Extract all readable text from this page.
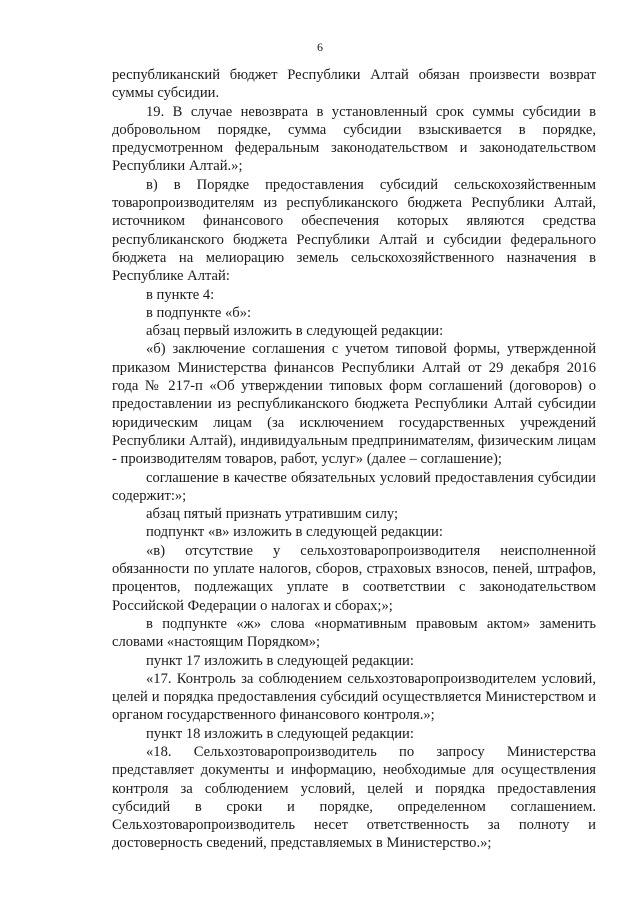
6

республиканский бюджет Республики Алтай обязан произвести возврат суммы субсидии.

19. В случае невозврата в установленный срок суммы субсидии в добровольном порядке, сумма субсидии взыскивается в порядке, предусмотренном федеральным законодательством и законодательством Республики Алтай.»;

в) в Порядке предоставления субсидий сельскохозяйственным товаропроизводителям из республиканского бюджета Республики Алтай, источником финансового обеспечения которых являются средства республиканского бюджета Республики Алтай и субсидии федерального бюджета на мелиорацию земель сельскохозяйственного назначения в Республике Алтай:

в пункте 4:

в подпункте «б»:

абзац первый изложить в следующей редакции:

«б) заключение соглашения с учетом типовой формы, утвержденной приказом Министерства финансов Республики Алтай от 29 декабря 2016 года № 217-п «Об утверждении типовых форм соглашений (договоров) о предоставлении из республиканского бюджета Республики Алтай субсидии юридическим лицам (за исключением государственных учреждений Республики Алтай), индивидуальным предпринимателям, физическим лицам - производителям товаров, работ, услуг» (далее – соглашение);

соглашение в качестве обязательных условий предоставления субсидии содержит:»;

абзац пятый признать утратившим силу;

подпункт «в» изложить в следующей редакции:

«в) отсутствие у сельхозтоваропроизводителя неисполненной обязанности по уплате налогов, сборов, страховых взносов, пеней, штрафов, процентов, подлежащих уплате в соответствии с законодательством Российской Федерации о налогах и сборах;»;

в подпункте «ж» слова «нормативным правовым актом» заменить словами «настоящим Порядком»;

пункт 17 изложить в следующей редакции:

«17. Контроль за соблюдением сельхозтоваропроизводителем условий, целей и порядка предоставления субсидий осуществляется Министерством и органом государственного финансового контроля.»;

пункт 18 изложить в следующей редакции:

«18. Сельхозтоваропроизводитель по запросу Министерства представляет документы и информацию, необходимые для осуществления контроля за соблюдением условий, целей и порядка предоставления субсидий в сроки и порядке, определенном соглашением. Сельхозтоваропроизводитель несет ответственность за полноту и достоверность сведений, представляемых в Министерство.»;
